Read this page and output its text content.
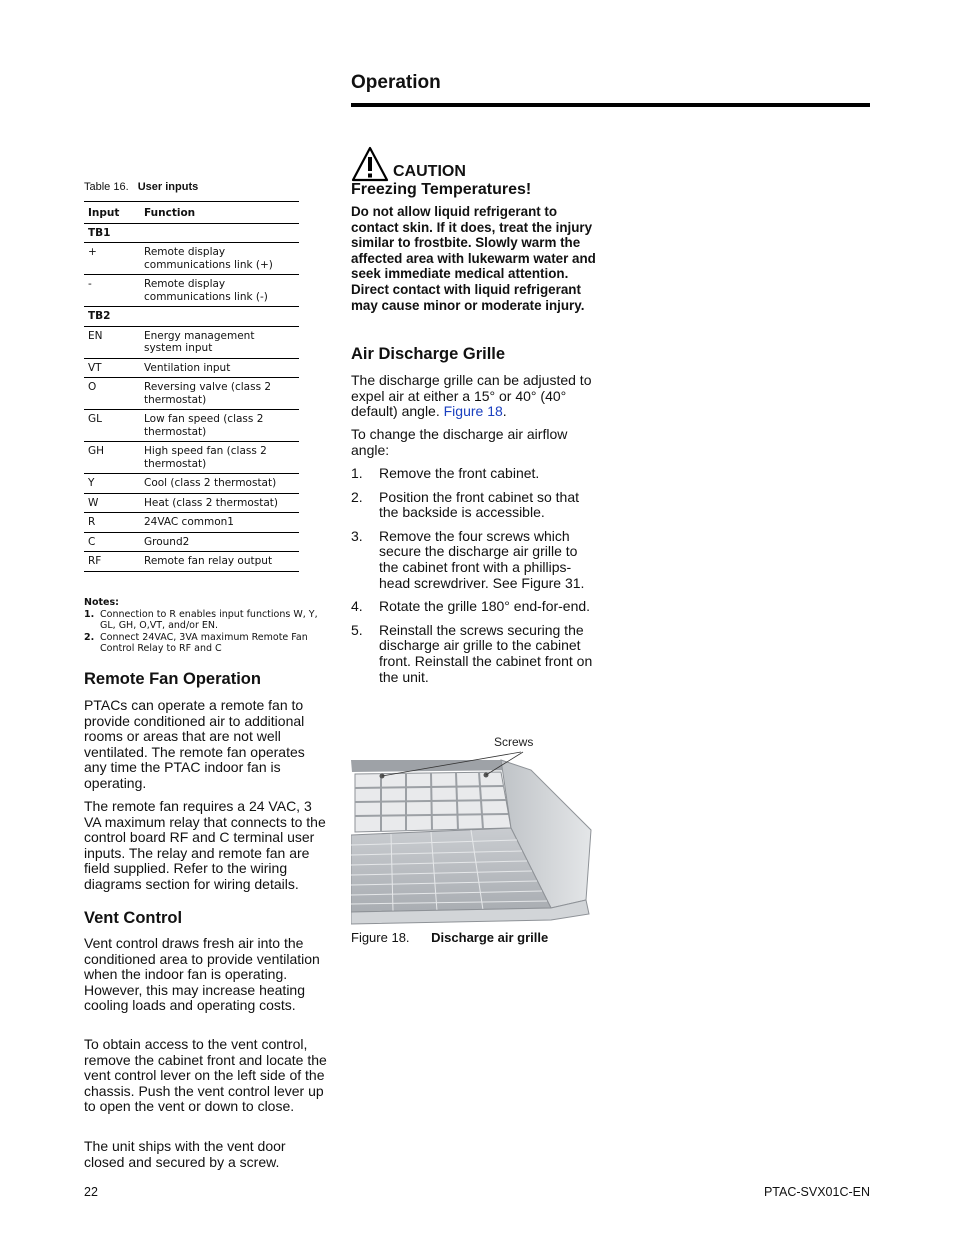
Operation
Table 16. User inputs
Input	Function
TB1	
+	Remote display communications link (+)
-	Remote display communications link (-)
TB2	
EN	Energy management system input
VT	Ventilation input
O	Reversing valve (class 2 thermostat)
GL	Low fan speed (class 2 thermostat)
GH	High speed fan (class 2 thermostat)
Y	Cool (class 2 thermostat)
W	Heat (class 2 thermostat)
R	24VAC common1
C	Ground2
RF	Remote fan relay output
Notes:
1. Connection to R enables input functions W, Y, GL, GH, O,VT, and/or EN.
2. Connect 24VAC, 3VA maximum Remote Fan Control Relay to RF and C
Remote Fan Operation

PTACs can operate a remote fan to provide conditioned air to additional rooms or areas that are not well ventilated. The remote fan operates any time the PTAC indoor fan is operating.

The remote fan requires a 24 VAC, 3 VA maximum relay that connects to the control board RF and C terminal user inputs. The relay and remote fan are field supplied. Refer to the wiring diagrams section for wiring details.

Vent Control

Vent control draws fresh air into the conditioned area to provide ventilation when the indoor fan is operating. However, this may increase heating cooling loads and operating costs.

To obtain access to the vent control, remove the cabinet front and locate the vent control lever on the left side of the chassis. Push the vent control lever up to open the vent or down to close.

The unit ships with the vent door closed and secured by a screw.

CAUTION
Freezing Temperatures!

Do not allow liquid refrigerant to contact skin. If it does, treat the injury similar to frostbite. Slowly warm the affected area with lukewarm water and seek immediate medical attention. Direct contact with liquid refrigerant may cause minor or moderate injury.

Air Discharge Grille

The discharge grille can be adjusted to expel air at either a 15° or 40° (40° default) angle. Figure 18.

To change the discharge air airflow angle:

1.	Remove the front cabinet.
2.	Position the front cabinet so that the backside is accessible.
3.	Remove the four screws which secure the discharge air grille to the cabinet front with a phillips-head screwdriver. See Figure 31.
4.	Rotate the grille 180° end-for-end.
5.	Reinstall the screws securing the discharge air grille to the cabinet front. Reinstall the cabinet front on the unit.
Screws
Figure 18. Discharge air grille
22	PTAC-SVX01C-EN
